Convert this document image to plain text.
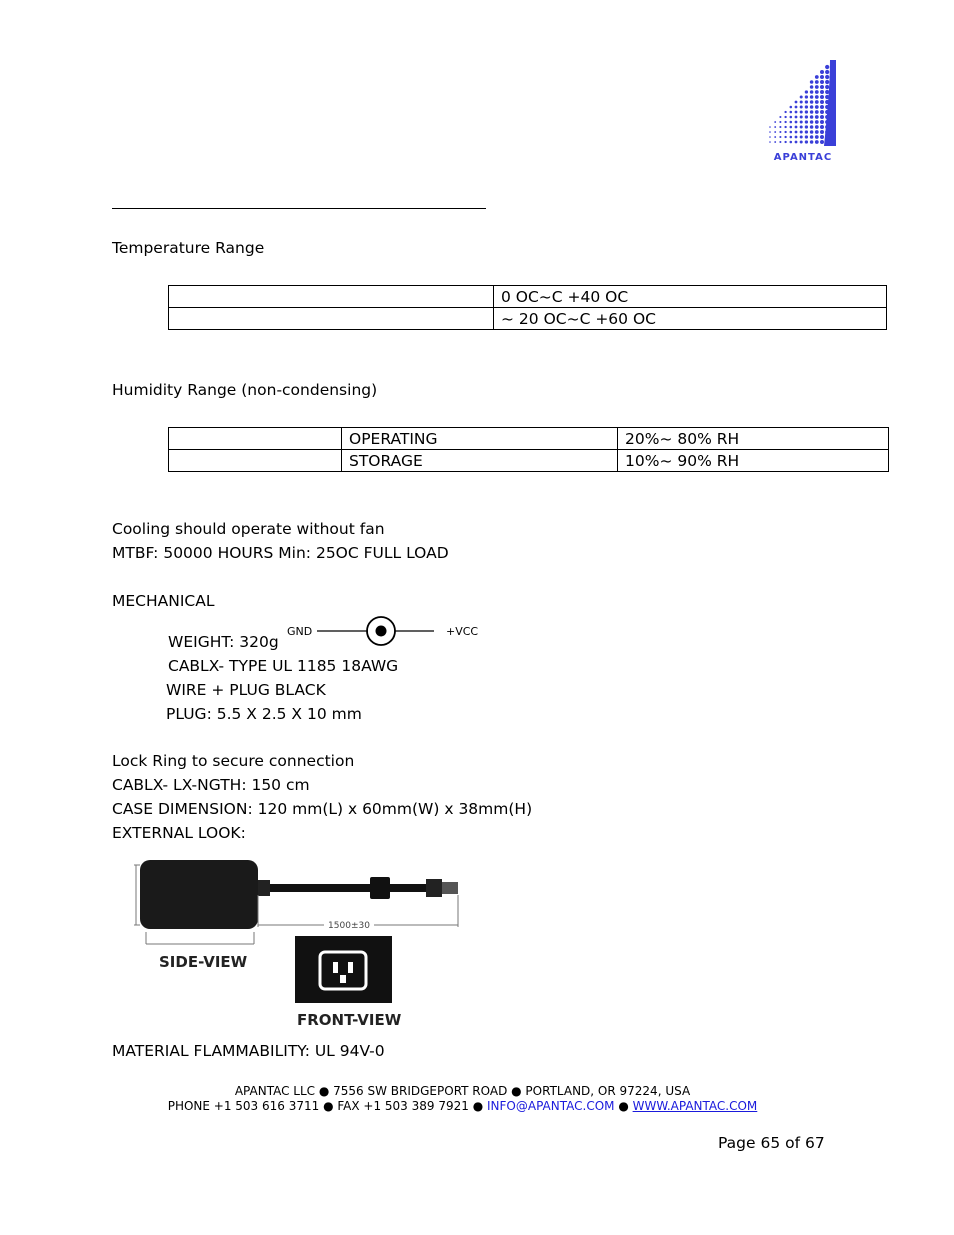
APANTAC
Temperature Range
	0 OC~C +40 OC
	~ 20 OC~C +60 OC
Humidity Range (non-condensing)
	OPERATING	20%~ 80% RH
	STORAGE	10%~ 90% RH
Cooling should operate without fan
MTBF: 50000 HOURS Min: 25OC FULL LOAD
MECHANICAL
WEIGHT: 320g
GND	+VCC
CABLX- TYPE UL 1185 18AWG
WIRE + PLUG BLACK
PLUG: 5.5 X 2.5 X 10 mm
Lock Ring to secure connection
CABLX- LX-NGTH: 150 cm
CASE DIMENSION: 120 mm(L) x 60mm(W) x 38mm(H)
EXTERNAL LOOK:
1500±30
SIDE-VIEW
FRONT-VIEW
MATERIAL FLAMMABILITY: UL 94V-0
APANTAC LLC ● 7556 SW BRIDGEPORT ROAD ● PORTLAND, OR 97224, USA
PHONE +1 503 616 3711 ● FAX +1 503 389 7921 ● INFO@APANTAC.COM ● WWW.APANTAC.COM
Page 65 of 67
